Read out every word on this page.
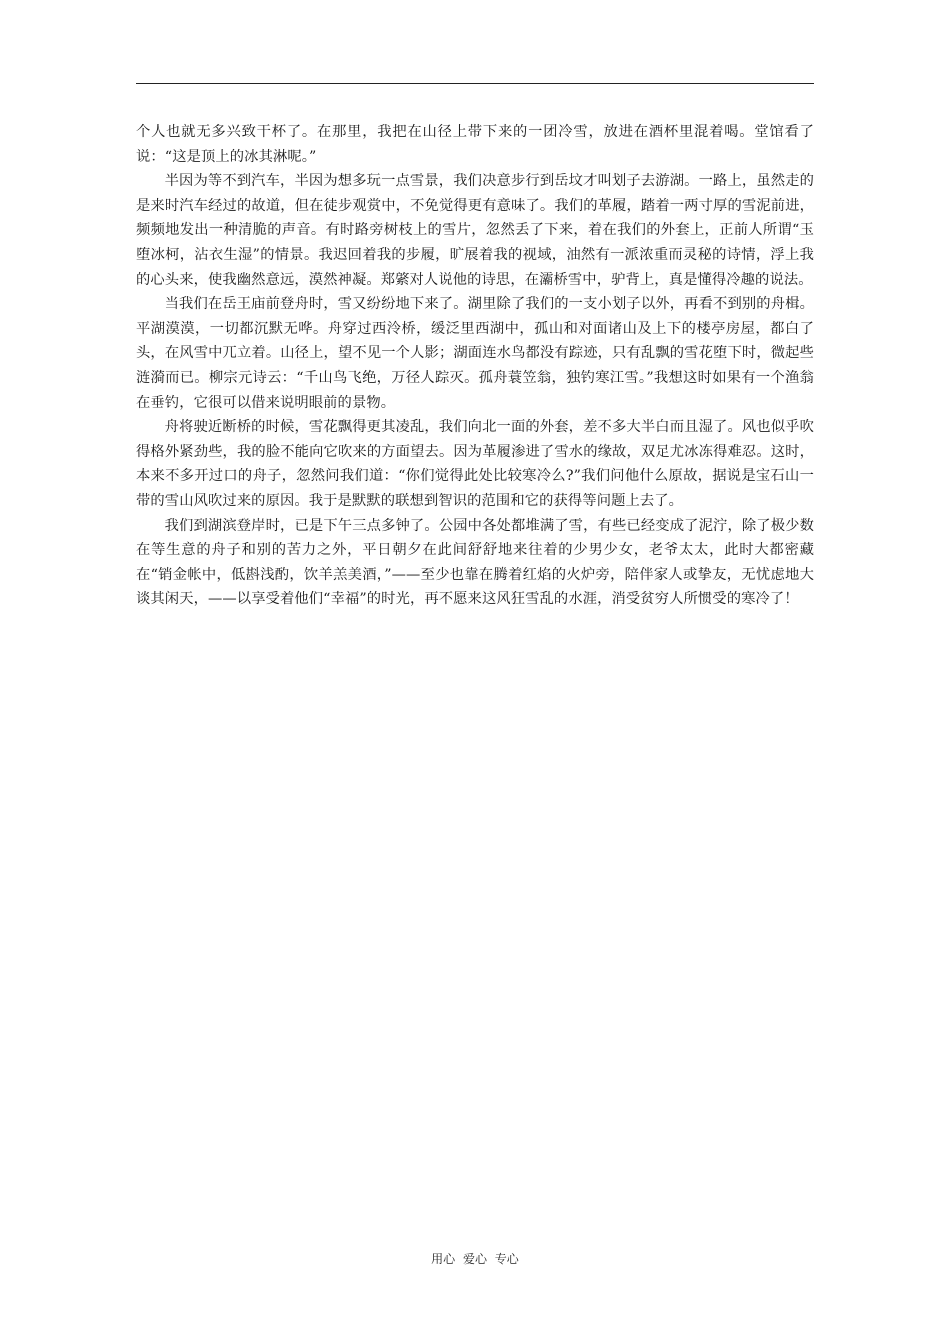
个人也就无多兴致干杯了。在那里，我把在山径上带下来的一团冷雪，放进在酒杯里混着喝。堂馆看了说：“这是顶上的冰其淋呢。”

半因为等不到汽车，半因为想多玩一点雪景，我们决意步行到岳坟才叫划子去游湖。一路上，虽然走的是来时汽车经过的故道，但在徒步观赏中，不免觉得更有意味了。我们的革履，踏着一两寸厚的雪泥前进，频频地发出一种清脆的声音。有时路旁树枝上的雪片，忽然丢了下来，着在我们的外套上，正前人所谓“玉堕冰柯，沾衣生湿”的情景。我迟回着我的步履，旷展着我的视域，油然有一派浓重而灵秘的诗情，浮上我的心头来，使我幽然意远，漠然神凝。郑綮对人说他的诗思，在灞桥雪中，驴背上，真是懂得冷趣的说法。

当我们在岳王庙前登舟时，雪又纷纷地下来了。湖里除了我们的一支小划子以外，再看不到别的舟楫。平湖漠漠，一切都沉默无哗。舟穿过西泠桥，缓泛里西湖中，孤山和对面诸山及上下的楼亭房屋，都白了头，在风雪中兀立着。山径上，望不见一个人影；湖面连水鸟都没有踪迹，只有乱飘的雪花堕下时，微起些涟漪而已。柳宗元诗云：“千山鸟飞绝，万径人踪灭。孤舟蓑笠翁，独钓寒江雪。”我想这时如果有一个渔翁在垂钓，它很可以借来说明眼前的景物。

舟将驶近断桥的时候，雪花飘得更其凌乱，我们向北一面的外套，差不多大半白而且湿了。风也似乎吹得格外紧劲些，我的脸不能向它吹来的方面望去。因为革履渗进了雪水的缘故，双足尤冰冻得难忍。这时，本来不多开过口的舟子，忽然问我们道：“你们觉得此处比较寒冷么?”我们问他什么原故，据说是宝石山一带的雪山风吹过来的原因。我于是默默的联想到智识的范围和它的获得等问题上去了。

我们到湖滨登岸时，已是下午三点多钟了。公园中各处都堆满了雪，有些已经变成了泥泞，除了极少数在等生意的舟子和别的苦力之外，平日朝夕在此间舒舒地来往着的少男少女，老爷太太，此时大都密藏在“销金帐中，低斟浅酌，饮羊羔美酒，”——至少也靠在腾着红焰的火炉旁，陪伴家人或挚友，无忧虑地大谈其闲天，——以享受着他们“幸福”的时光，再不愿来这风狂雪乱的水涯，消受贫穷人所惯受的寒冷了！

用心 爱心 专心
